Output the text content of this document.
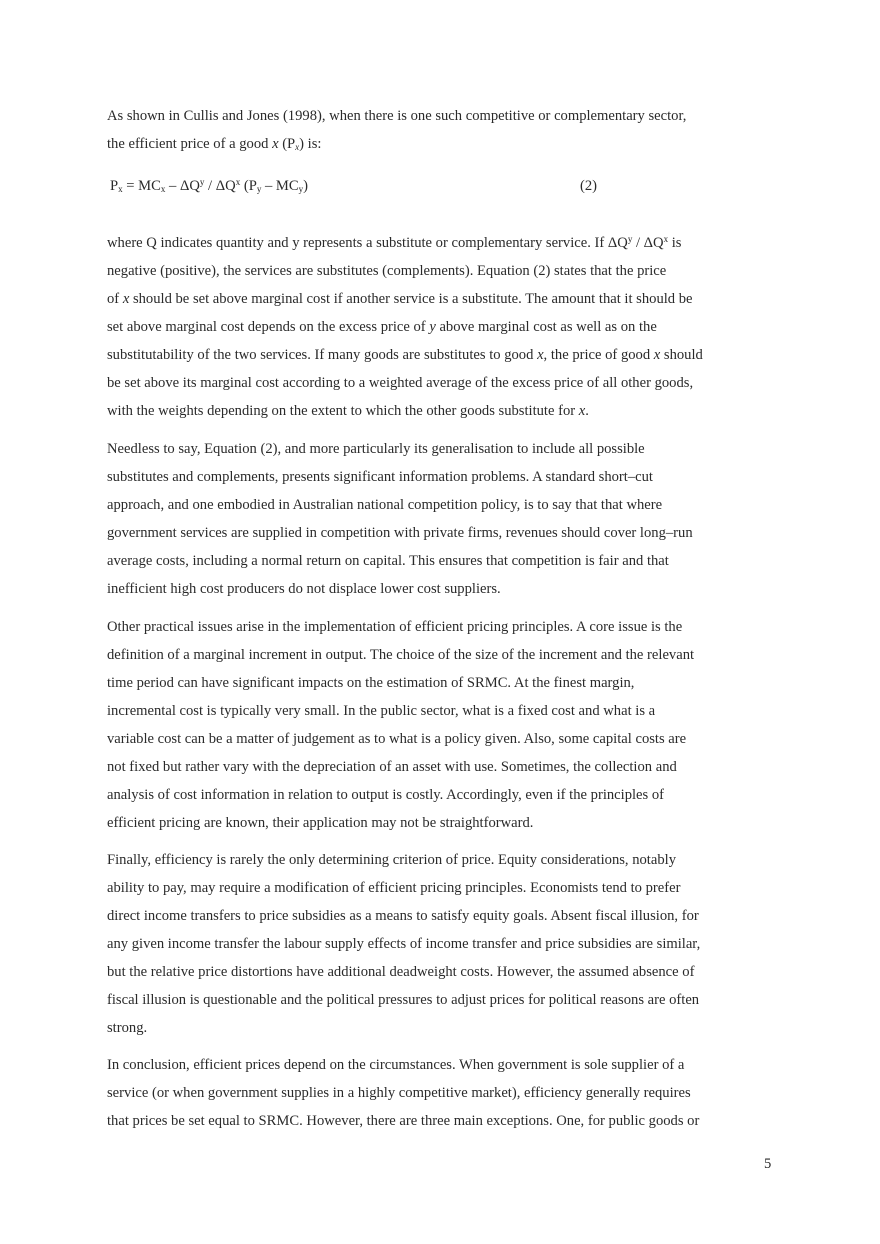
As shown in Cullis and Jones (1998), when there is one such competitive or complementary sector,
the efficient price of a good x $(P_x)$ is:
$P_x = MC_x - \Delta Q^y / \Delta Q^x$ $(P_y - MC_y)$	(2)
where Q indicates quantity and y represents a substitute or complementary service. If $\Delta Q^y / \Delta Q^x$ is
negative (positive), the services are substitutes (complements). Equation (2) states that the price
of x should be set above marginal cost if another service is a substitute. The amount that it should be
set above marginal cost depends on the excess price of y above marginal cost as well as on the
substitutability of the two services. If many goods are substitutes to good x, the price of good x should
be set above its marginal cost according to a weighted average of the excess price of all other goods,
with the weights depending on the extent to which the other goods substitute for x.
Needless to say, Equation (2), and more particularly its generalisation to include all possible
substitutes and complements, presents significant information problems. A standard short–cut
approach, and one embodied in Australian national competition policy, is to say that that where
government services are supplied in competition with private firms, revenues should cover long–run
average costs, including a normal return on capital. This ensures that competition is fair and that
inefficient high cost producers do not displace lower cost suppliers.
Other practical issues arise in the implementation of efficient pricing principles. A core issue is the
definition of a marginal increment in output. The choice of the size of the increment and the relevant
time period can have significant impacts on the estimation of SRMC. At the finest margin,
incremental cost is typically very small. In the public sector, what is a fixed cost and what is a
variable cost can be a matter of judgement as to what is a policy given. Also, some capital costs are
not fixed but rather vary with the depreciation of an asset with use. Sometimes, the collection and
analysis of cost information in relation to output is costly. Accordingly, even if the principles of
efficient pricing are known, their application may not be straightforward.
Finally, efficiency is rarely the only determining criterion of price. Equity considerations, notably
ability to pay, may require a modification of efficient pricing principles. Economists tend to prefer
direct income transfers to price subsidies as a means to satisfy equity goals. Absent fiscal illusion, for
any given income transfer the labour supply effects of income transfer and price subsidies are similar,
but the relative price distortions have additional deadweight costs. However, the assumed absence of
fiscal illusion is questionable and the political pressures to adjust prices for political reasons are often
strong.
In conclusion, efficient prices depend on the circumstances. When government is sole supplier of a
service (or when government supplies in a highly competitive market), efficiency generally requires
that prices be set equal to SRMC. However, there are three main exceptions. One, for public goods or
5
